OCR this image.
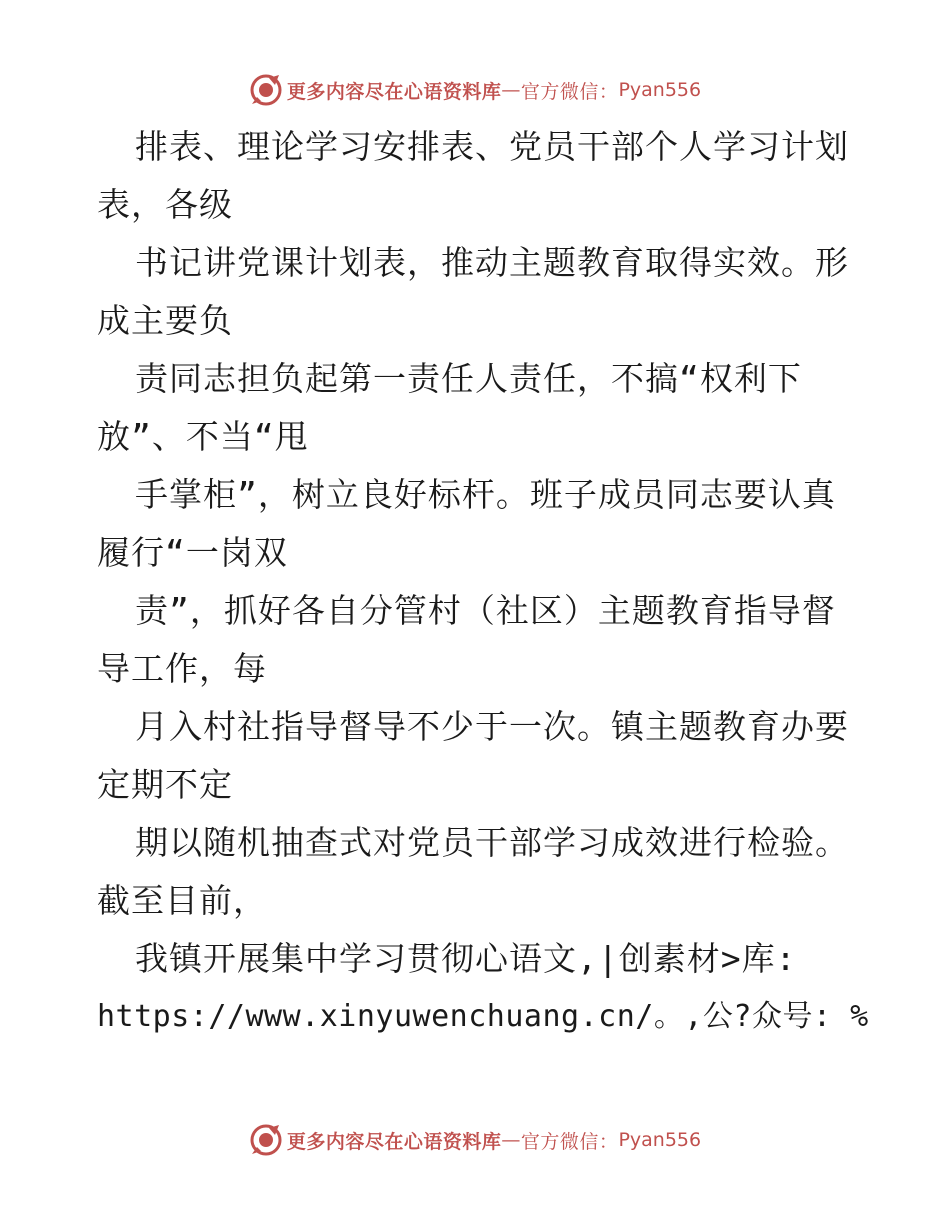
更多内容尽在心语资料库 — 官方微信： Pyan556
排表、理论学习安排表、党员干部个人学习计划
表，各级
书记讲党课计划表，推动主题教育取得实效。形
成主要负
责同志担负起第一责任人责任，不搞“权利下
放”、不当“甩
手掌柜”，树立良好标杆。班子成员同志要认真
履行“一岗双
责”，抓好各自分管村（社区）主题教育指导督
导工作，每
月入村社指导督导不少于一次。镇主题教育办要
定期不定
期以随机抽查式对党员干部学习成效进行检验。
截至目前，
我镇开展集中学习贯彻心语文,|创素材>库:
https://www.xinyuwenchuang.cn/。,公?众号: %
更多内容尽在心语资料库 — 官方微信： Pyan556
